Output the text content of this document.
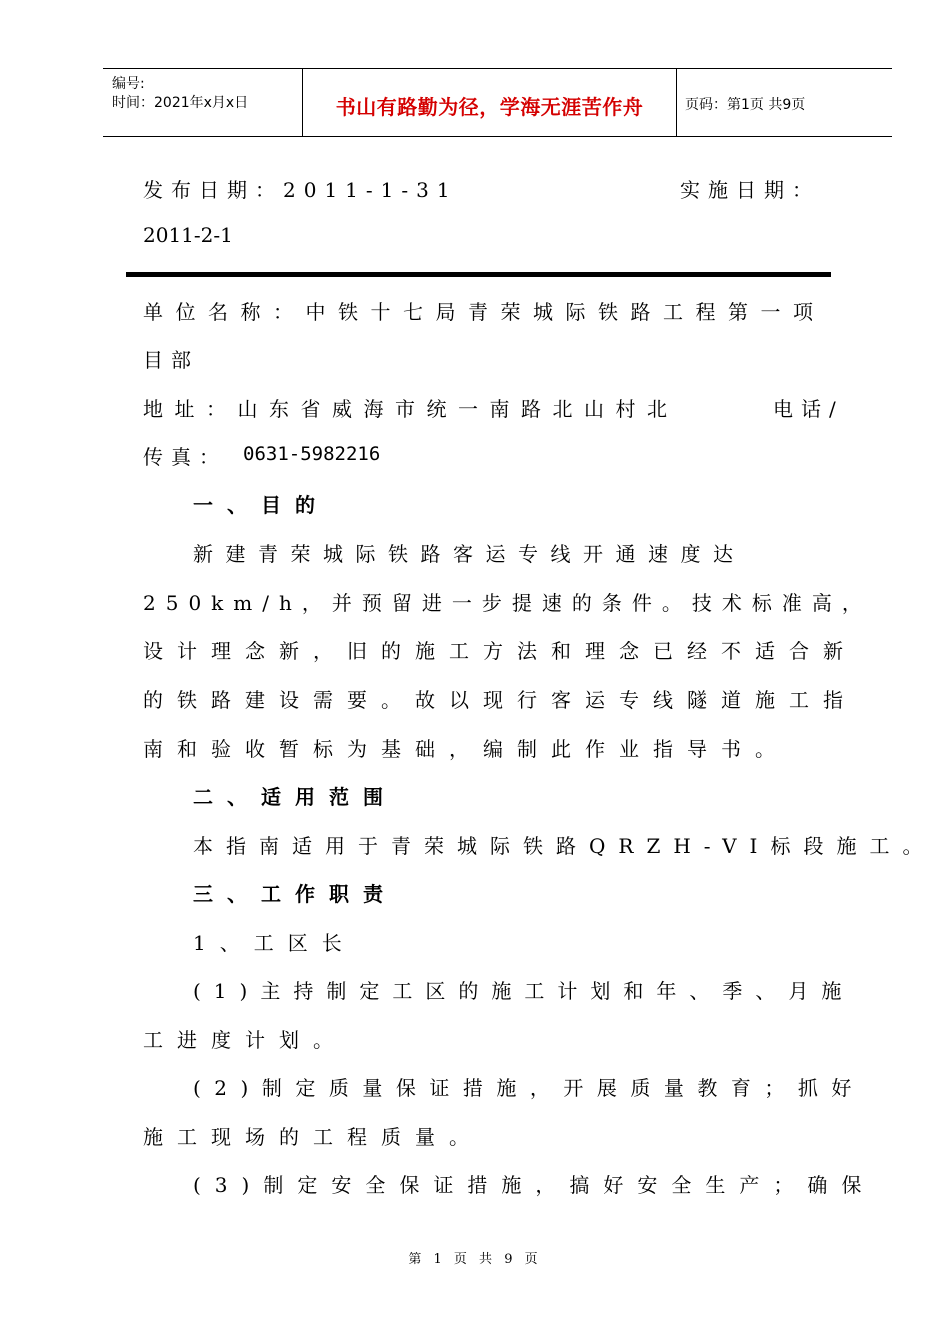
编号:
时间：2021年x月x日	书山有路勤为径，学海无涯苦作舟	页码：第1页 共9页
发布日期：2011-1-31	实施日期：
2011-2-1
单位名称：中铁十七局青荣城际铁路工程第一项
目部
地址：山东省威海市统一南路北山村北	电话/
传真： 0631-5982216
一、目的
新建青荣城际铁路客运专线开通速度达
250km/h，并预留进一步提速的条件。技术标准高，
设计理念新，旧的施工方法和理念已经不适合新
的铁路建设需要。故以现行客运专线隧道施工指
南和验收暂标为基础，编制此作业指导书。
二、适用范围
本指南适用于青荣城际铁路QRZH-VI标段施工。
三、工作职责
1、工区长
(1)主持制定工区的施工计划和年、季、月施
工进度计划。
(2)制定质量保证措施，开展质量教育；抓好
施工现场的工程质量。
(3)制定安全保证措施，搞好安全生产；确保
第 1 页 共 9 页
